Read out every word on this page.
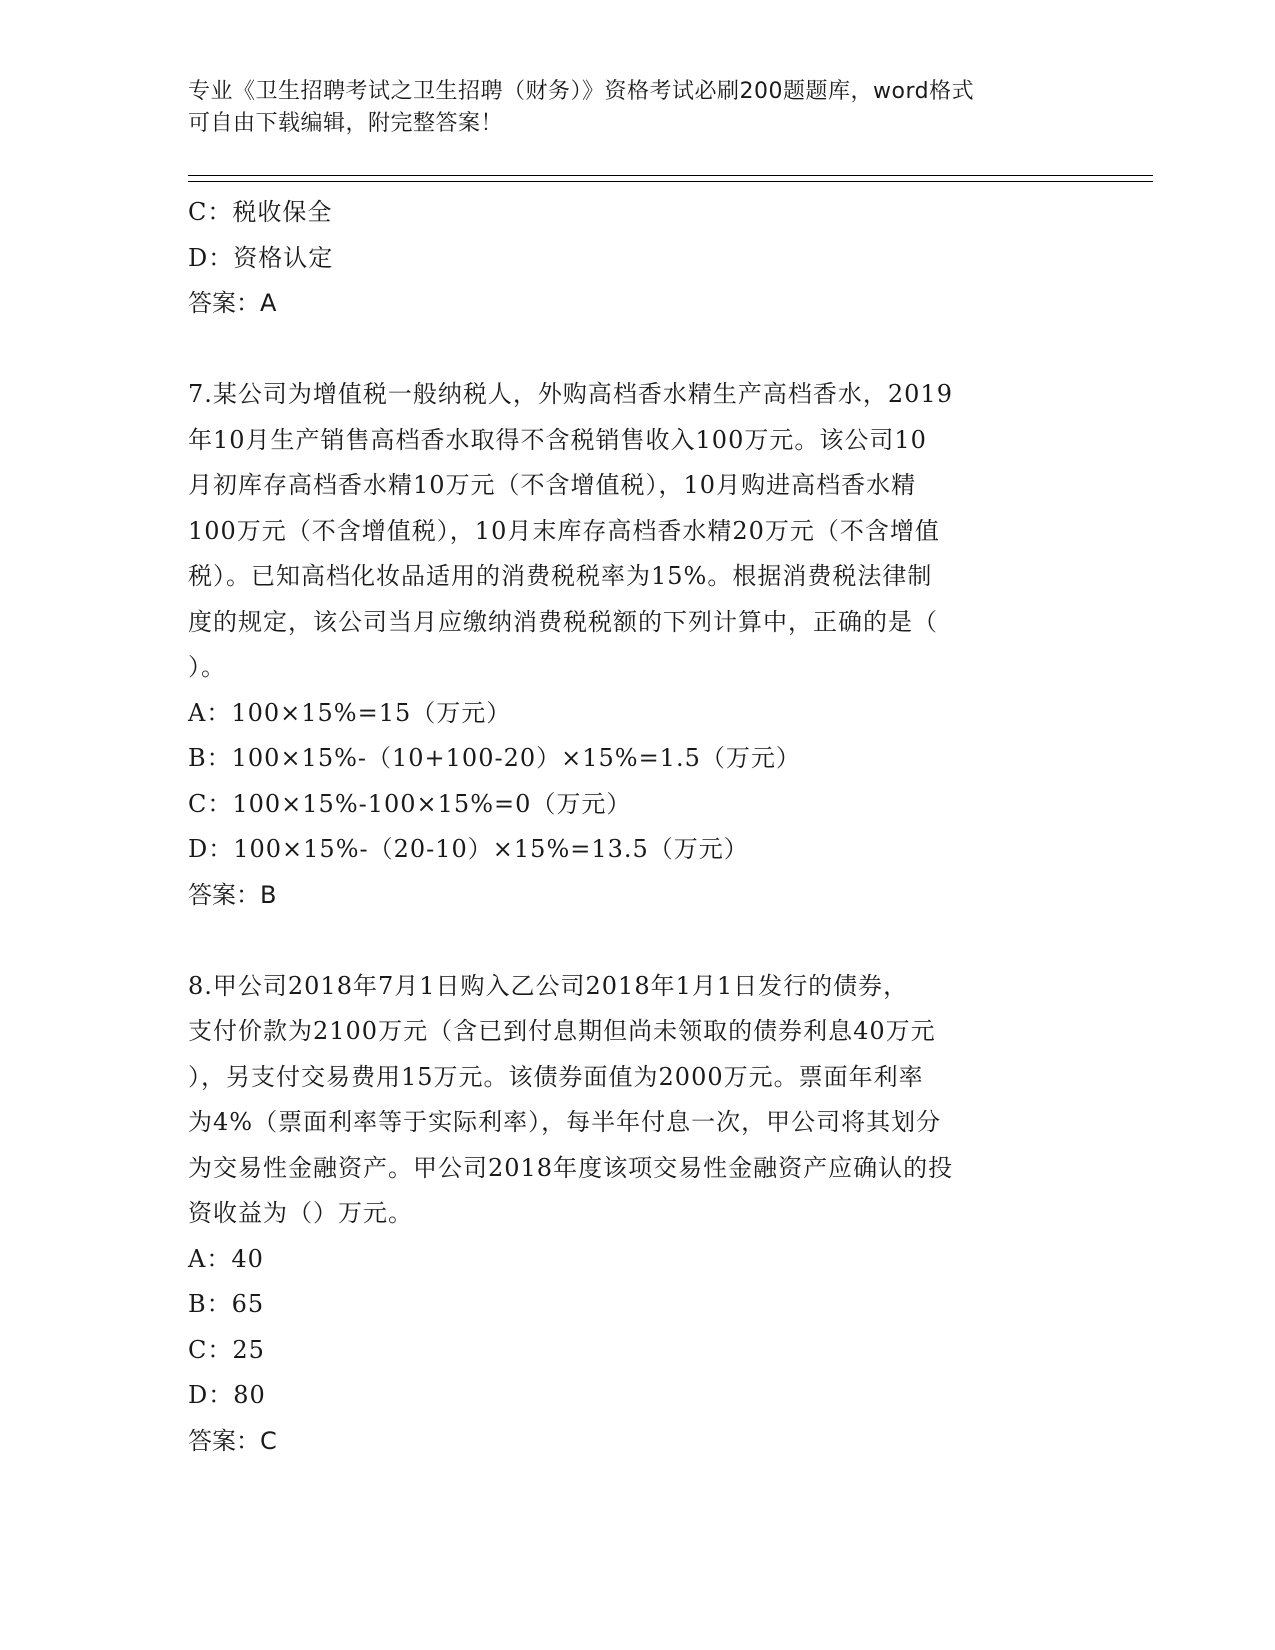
专业《卫生招聘考试之卫生招聘（财务）》资格考试必刷200题题库，word格式
可自由下载编辑，附完整答案！
C：税收保全
D：资格认定
答案：A
7.某公司为增值税一般纳税人，外购高档香水精生产高档香水，2019
年10月生产销售高档香水取得不含税销售收入100万元。该公司10
月初库存高档香水精10万元（不含增值税），10月购进高档香水精
100万元（不含增值税），10月末库存高档香水精20万元（不含增值
税）。已知高档化妆品适用的消费税税率为15%。根据消费税法律制
度的规定，该公司当月应缴纳消费税税额的下列计算中，正确的是（
）。
A：100×15%=15（万元）
B：100×15%-（10+100-20）×15%=1.5（万元）
C：100×15%-100×15%=0（万元）
D：100×15%-（20-10）×15%=13.5（万元）
答案：B
8.甲公司2018年7月1日购入乙公司2018年1月1日发行的债券，
支付价款为2100万元（含已到付息期但尚未领取的债券利息40万元
），另支付交易费用15万元。该债券面值为2000万元。票面年利率
为4%（票面利率等于实际利率），每半年付息一次，甲公司将其划分
为交易性金融资产。甲公司2018年度该项交易性金融资产应确认的投
资收益为（）万元。
A：40
B：65
C：25
D：80
答案：C
